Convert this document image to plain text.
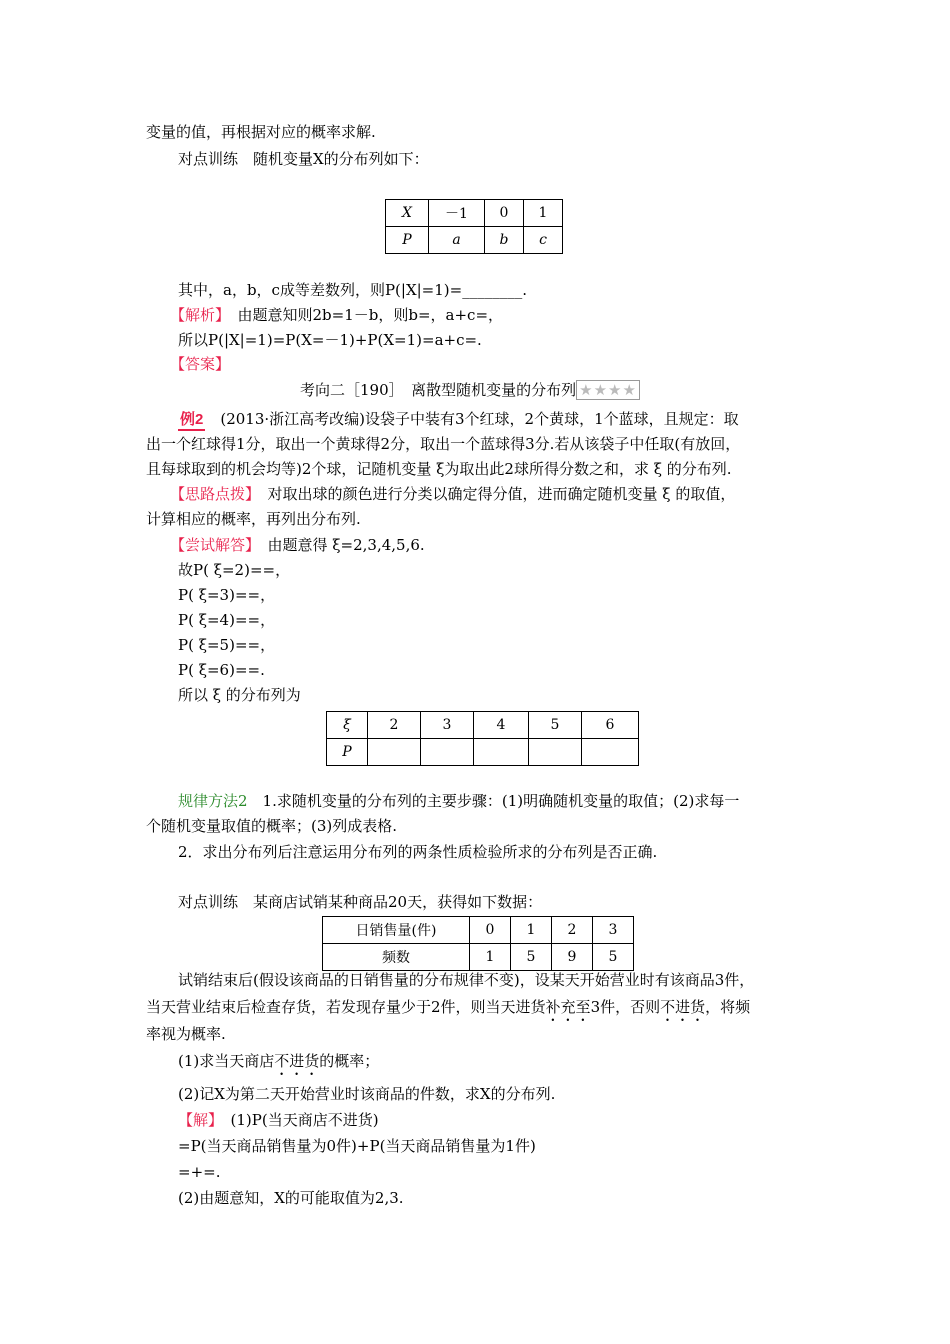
变量的值，再根据对应的概率求解.
对点训练　随机变量X的分布列如下：
X	－1	0	1
P	a	b	c
其中，a，b，c成等差数列，则P(|X|=1)=________.
【解析】　由题意知则2b=1－b，则b=，a+c=，
所以P(|X|=1)=P(X=－1)+P(X=1)=a+c=.
【答案】
考向二［190］　离散型随机变量的分布列 ★★★★
例2　(2013·浙江高考改编)设袋子中装有3个红球，2个黄球，1个蓝球，且规定：取
出一个红球得1分，取出一个黄球得2分，取出一个蓝球得3分.若从该袋子中任取(有放回，
且每球取到的机会均等)2个球，记随机变量 ξ为取出此2球所得分数之和，求 ξ 的分布列.
【思路点拨】　对取出球的颜色进行分类以确定得分值，进而确定随机变量 ξ 的取值，
计算相应的概率，再列出分布列.
【尝试解答】　由题意得 ξ=2,3,4,5,6.
故P( ξ=2)==，
P( ξ=3)==，
P( ξ=4)==，
P( ξ=5)==，
P( ξ=6)==.
所以 ξ 的分布列为
ξ	2	3	4	5	6
P					
规律方法2　1.求随机变量的分布列的主要步骤：(1)明确随机变量的取值；(2)求每一
个随机变量取值的概率；(3)列成表格.
2．求出分布列后注意运用分布列的两条性质检验所求的分布列是否正确.
对点训练　某商店试销某种商品20天，获得如下数据：
日销售量(件)	0	1	2	3
频数	1	5	9	5
试销结束后(假设该商品的日销售量的分布规律不变)，设某天开始营业时有该商品3件，
当天营业结束后检查存货，若发现存量少于2件，则当天进货补充至3件，否则不进货，将频
率视为概率.
(1)求当天商店不进货的概率；
(2)记X为第二天开始营业时该商品的件数，求X的分布列.
【解】　(1)P(当天商店不进货)
=P(当天商品销售量为0件)+P(当天商品销售量为1件)
=+=.
(2)由题意知，X的可能取值为2,3.
